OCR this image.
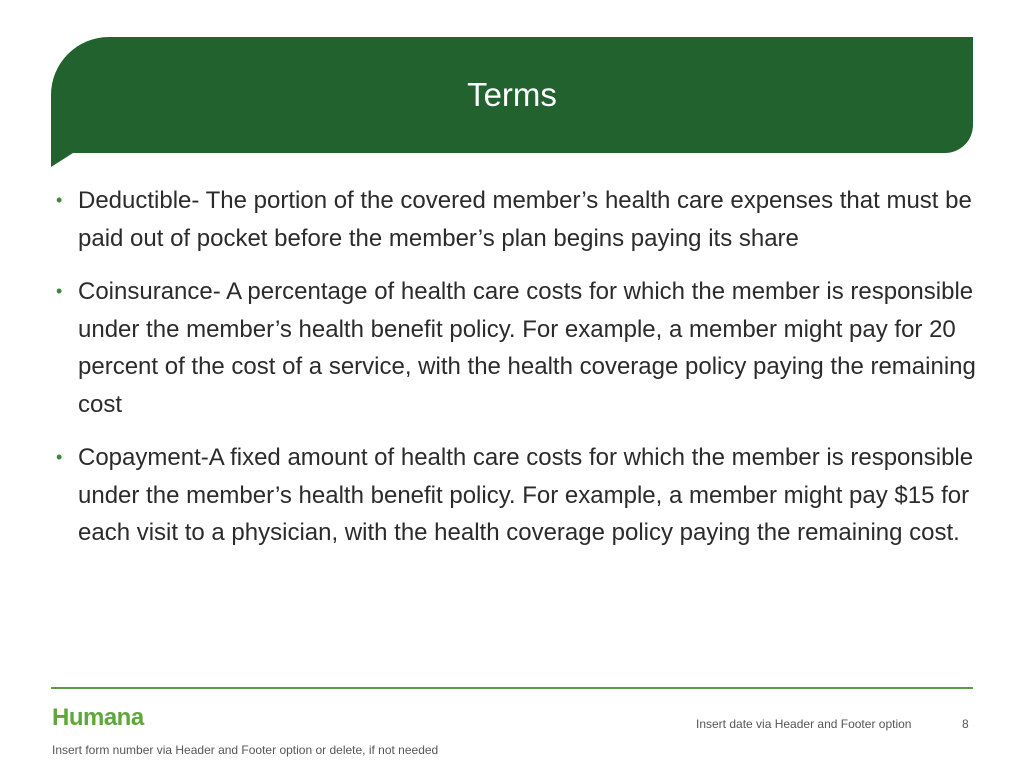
Terms
• Deductible- The portion of the covered member’s health care expenses that must be paid out of pocket before the member’s plan begins paying its share
• Coinsurance- A percentage of health care costs for which the member is responsible under the member’s health benefit policy. For example, a member might pay for 20 percent of the cost of a service, with the health coverage policy paying the remaining cost
• Copayment-A fixed amount of health care costs for which the member is responsible under the member’s health benefit policy. For example, a member might pay $15 for each visit to a physician, with the health coverage policy paying the remaining cost.
Humana	Insert date via Header and Footer option	8
Insert form number via Header and Footer option or delete, if not needed
